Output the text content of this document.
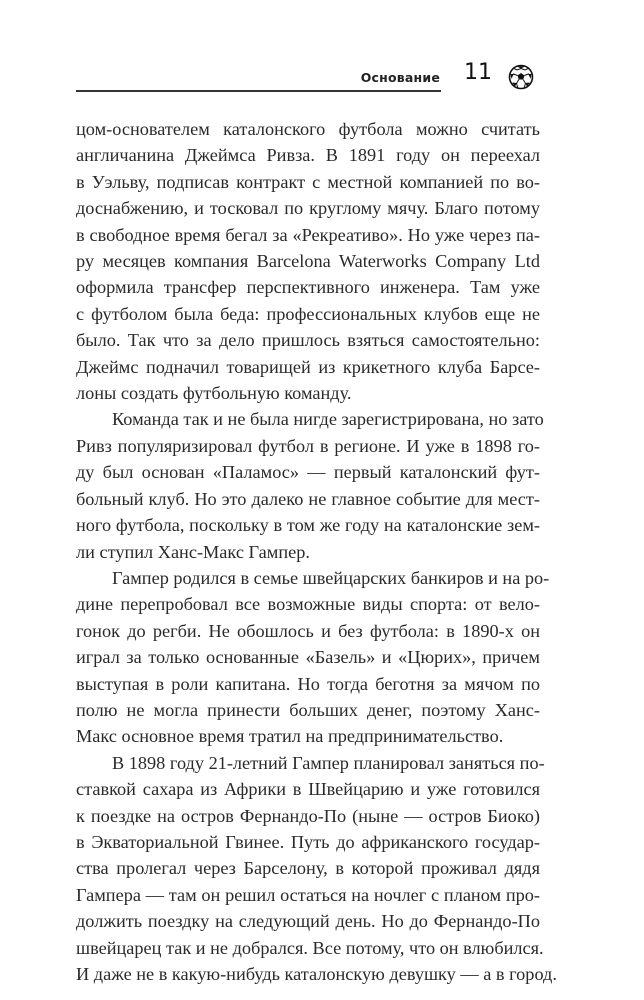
Основание 11
цом-основателем каталонского футбола можно считать
англичанина Джеймса Ривза. В 1891 году он переехал
в Уэльву, подписав контракт с местной компанией по во-
доснабжению, и тосковал по круглому мячу. Благо потому
в свободное время бегал за «Рекреативо». Но уже через па-
ру месяцев компания Barcelona Waterworks Company Ltd
оформила трансфер перспективного инженера. Там уже
с футболом была беда: профессиональных клубов еще не
было. Так что за дело пришлось взяться самостоятельно:
Джеймс подначил товарищей из крикетного клуба Барсе-
лоны создать футбольную команду.
Команда так и не была нигде зарегистрирована, но зато
Ривз популяризировал футбол в регионе. И уже в 1898 го-
ду был основан «Паламос» — первый каталонский фут-
больный клуб. Но это далеко не главное событие для мест-
ного футбола, поскольку в том же году на каталонские зем-
ли ступил Ханс-Макс Гампер.
Гампер родился в семье швейцарских банкиров и на ро-
дине перепробовал все возможные виды спорта: от вело-
гонок до регби. Не обошлось и без футбола: в 1890-х он
играл за только основанные «Базель» и «Цюрих», причем
выступая в роли капитана. Но тогда беготня за мячом по
полю не могла принести больших денег, поэтому Ханс-
Макс основное время тратил на предпринимательство.
В 1898 году 21-летний Гампер планировал заняться по-
ставкой сахара из Африки в Швейцарию и уже готовился
к поездке на остров Фернандо-По (ныне — остров Биоко)
в Экваториальной Гвинее. Путь до африканского государ-
ства пролегал через Барселону, в которой проживал дядя
Гампера — там он решил остаться на ночлег с планом про-
должить поездку на следующий день. Но до Фернандо-По
швейцарец так и не добрался. Все потому, что он влюбился.
И даже не в какую-нибудь каталонскую девушку — а в город.
